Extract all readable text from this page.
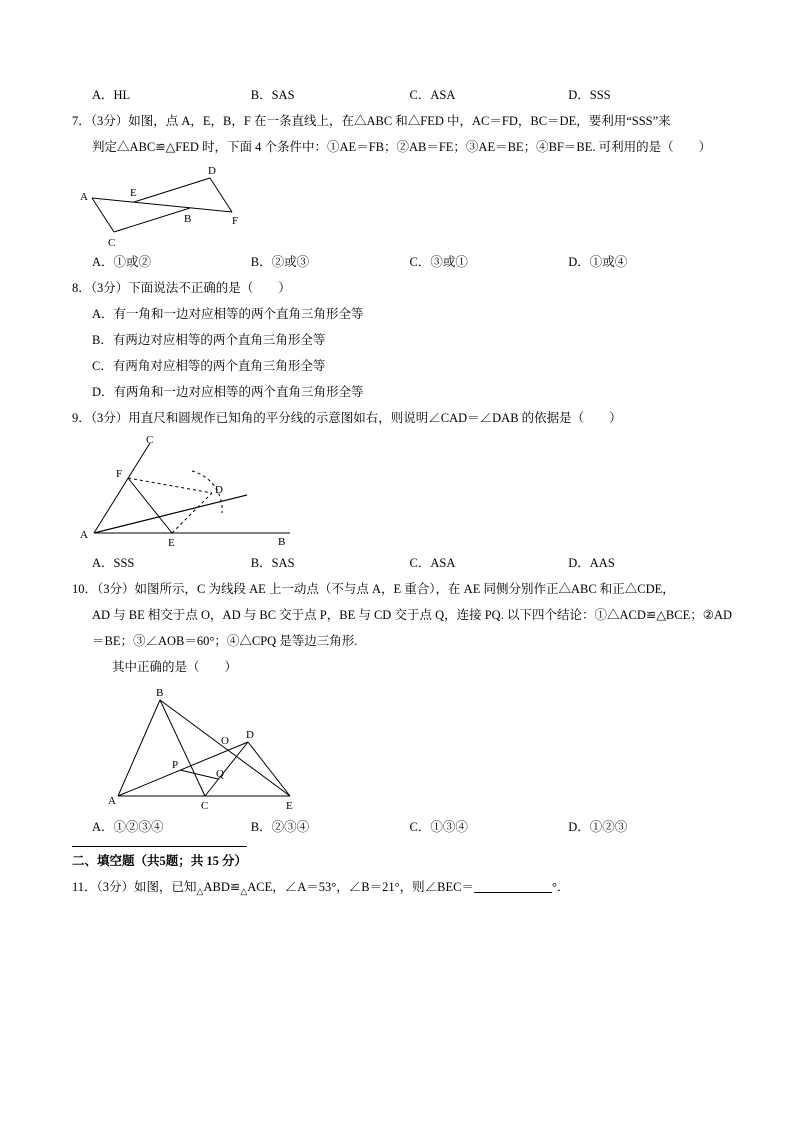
A．HL	B．SAS	C．ASA	D．SSS
7．（3分）如图，点 A，E，B，F 在一条直线上，在△ABC 和△FED 中，AC＝FD，BC＝DE，要利用“SSS”来
判定△ABC≌△FED 时，下面 4 个条件中：①AE＝FB；②AB＝FE；③AE＝BE；④BF＝BE. 可利用的是（　　）
A	E
B	F
C
D
A．①或②	B．②或③	C．③或①	D．①或④
8．（3分）下面说法不正确的是（　　）
A．有一角和一边对应相等的两个直角三角形全等
B．有两边对应相等的两个直角三角形全等
C．有两角对应相等的两个直角三角形全等
D．有两角和一边对应相等的两个直角三角形全等
9．（3分）用直尺和圆规作已知角的平分线的示意图如右，则说明∠CAD＝∠DAB 的依据是（　　）
C
F
D
A
E	B
A．SSS	B．SAS	C．ASA	D．AAS
10．（3分）如图所示，C 为线段 AE 上一动点（不与点 A，E 重合），在 AE 同侧分别作正△ABC 和正△CDE，
AD 与 BE 相交于点 O，AD 与 BC 交于点 P，BE 与 CD 交于点 Q，连接 PQ. 以下四个结论：①△ACD≌△BCE；②AD
＝BE；③∠AOB＝60°；④△CPQ 是等边三角形.
其中正确的是（　　）
B
O D
P
Q
A	C	E
A．①②③④	B．②③④	C．①③④	D．①②③
二、填空题（共5题；共 15 分）
11．（3分）如图，已知$_\triangle ABD≌_\triangle ACE$，∠A＝53°，∠B＝21°，则∠BEC＝	°．
